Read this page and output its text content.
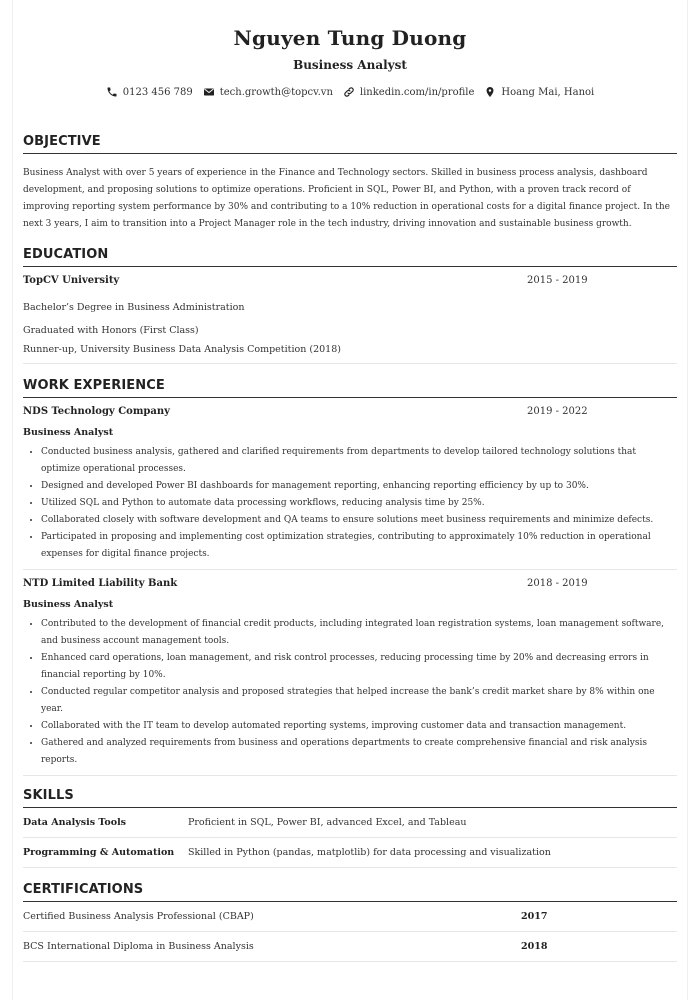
Nguyen Tung Duong
Business Analyst
0123 456 789	tech.growth@topcv.vn	linkedin.com/in/profile	Hoang Mai, Hanoi
OBJECTIVE
Business Analyst with over 5 years of experience in the Finance and Technology sectors. Skilled in business process analysis, dashboard development, and proposing solutions to optimize operations. Proficient in SQL, Power BI, and Python, with a proven track record of improving reporting system performance by 30% and contributing to a 10% reduction in operational costs for a digital finance project. In the next 3 years, I aim to transition into a Project Manager role in the tech industry, driving innovation and sustainable business growth.
EDUCATION
TopCV University	2015 - 2019
Bachelor’s Degree in Business Administration
Graduated with Honors (First Class)
Runner-up, University Business Data Analysis Competition (2018)
WORK EXPERIENCE
NDS Technology Company	2019 - 2022
Business Analyst
• Conducted business analysis, gathered and clarified requirements from departments to develop tailored technology solutions that optimize operational processes.
• Designed and developed Power BI dashboards for management reporting, enhancing reporting efficiency by up to 30%.
• Utilized SQL and Python to automate data processing workflows, reducing analysis time by 25%.
• Collaborated closely with software development and QA teams to ensure solutions meet business requirements and minimize defects.
• Participated in proposing and implementing cost optimization strategies, contributing to approximately 10% reduction in operational expenses for digital finance projects.
NTD Limited Liability Bank	2018 - 2019
Business Analyst
• Contributed to the development of financial credit products, including integrated loan registration systems, loan management software, and business account management tools.
• Enhanced card operations, loan management, and risk control processes, reducing processing time by 20% and decreasing errors in financial reporting by 10%.
• Conducted regular competitor analysis and proposed strategies that helped increase the bank’s credit market share by 8% within one year.
• Collaborated with the IT team to develop automated reporting systems, improving customer data and transaction management.
• Gathered and analyzed requirements from business and operations departments to create comprehensive financial and risk analysis reports.
SKILLS
Data Analysis Tools	Proficient in SQL, Power BI, advanced Excel, and Tableau
Programming & Automation	Skilled in Python (pandas, matplotlib) for data processing and visualization
CERTIFICATIONS
Certified Business Analysis Professional (CBAP)	2017
BCS International Diploma in Business Analysis	2018
